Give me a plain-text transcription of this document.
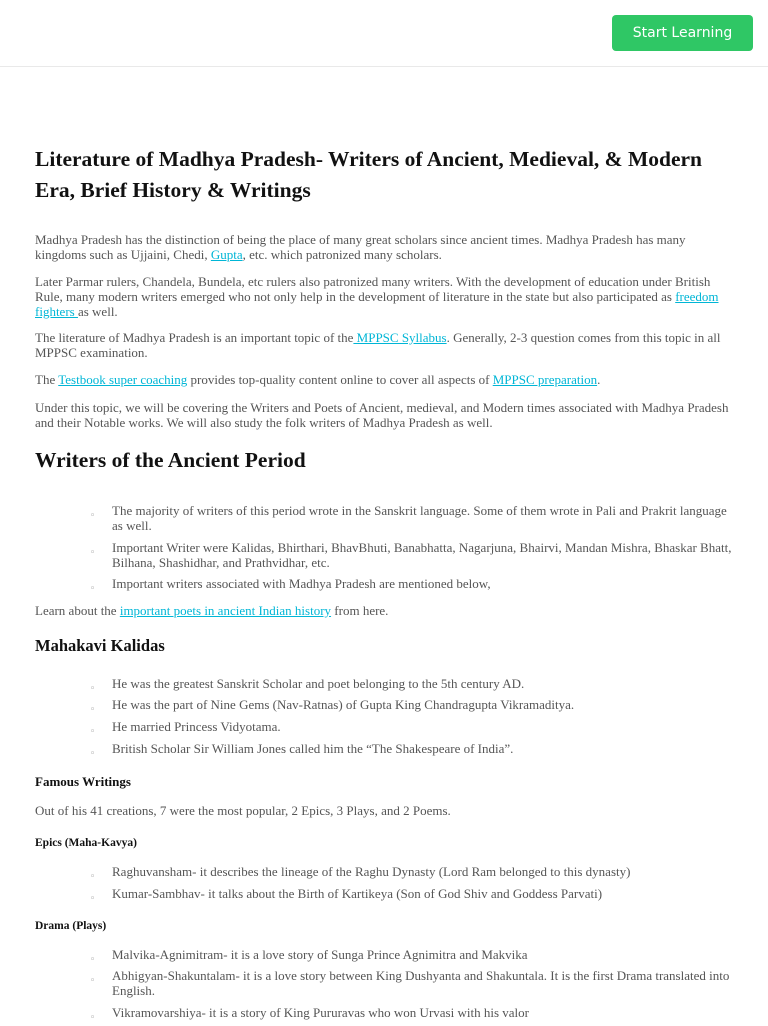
Start Learning
Literature of Madhya Pradesh- Writers of Ancient, Medieval, & Modern Era, Brief History & Writings

Madhya Pradesh has the distinction of being the place of many great scholars since ancient times. Madhya Pradesh has many kingdoms such as Ujjaini, Chedi, Gupta, etc. which patronized many scholars.

Later Parmar rulers, Chandela, Bundela, etc rulers also patronized many writers. With the development of education under British Rule, many modern writers emerged who not only help in the development of literature in the state but also participated as freedom fighters as well.

The literature of Madhya Pradesh is an important topic of the MPPSC Syllabus. Generally, 2-3 question comes from this topic in all MPPSC examination.

The Testbook super coaching provides top-quality content online to cover all aspects of MPPSC preparation.

Under this topic, we will be covering the Writers and Poets of Ancient, medieval, and Modern times associated with Madhya Pradesh and their Notable works. We will also study the folk writers of Madhya Pradesh as well.

Writers of the Ancient Period
◦ The majority of writers of this period wrote in the Sanskrit language. Some of them wrote in Pali and Prakrit language as well.
◦ Important Writer were Kalidas, Bhirthari, BhavBhuti, Banabhatta, Nagarjuna, Bhairvi, Mandan Mishra, Bhaskar Bhatt, Bilhana, Shashidhar, and Prathvidhar, etc.
◦ Important writers associated with Madhya Pradesh are mentioned below,

Learn about the important poets in ancient Indian history from here.

Mahakavi Kalidas
◦ He was the greatest Sanskrit Scholar and poet belonging to the 5th century AD.
◦ He was the part of Nine Gems (Nav-Ratnas) of Gupta King Chandragupta Vikramaditya.
◦ He married Princess Vidyotama.
◦ British Scholar Sir William Jones called him the “The Shakespeare of India”.
Famous Writings

Out of his 41 creations, 7 were the most popular, 2 Epics, 3 Plays, and 2 Poems.

Epics (Maha-Kavya)
◦ Raghuvansham- it describes the lineage of the Raghu Dynasty (Lord Ram belonged to this dynasty)
◦ Kumar-Sambhav- it talks about the Birth of Kartikeya (Son of God Shiv and Goddess Parvati)
Drama (Plays)
◦ Malvika-Agnimitram- it is a love story of Sunga Prince Agnimitra and Makvika
◦ Abhigyan-Shakuntalam- it is a love story between King Dushyanta and Shakuntala. It is the first Drama translated into English.
◦ Vikramovarshiya- it is a story of King Pururavas who won Urvasi with his valor
